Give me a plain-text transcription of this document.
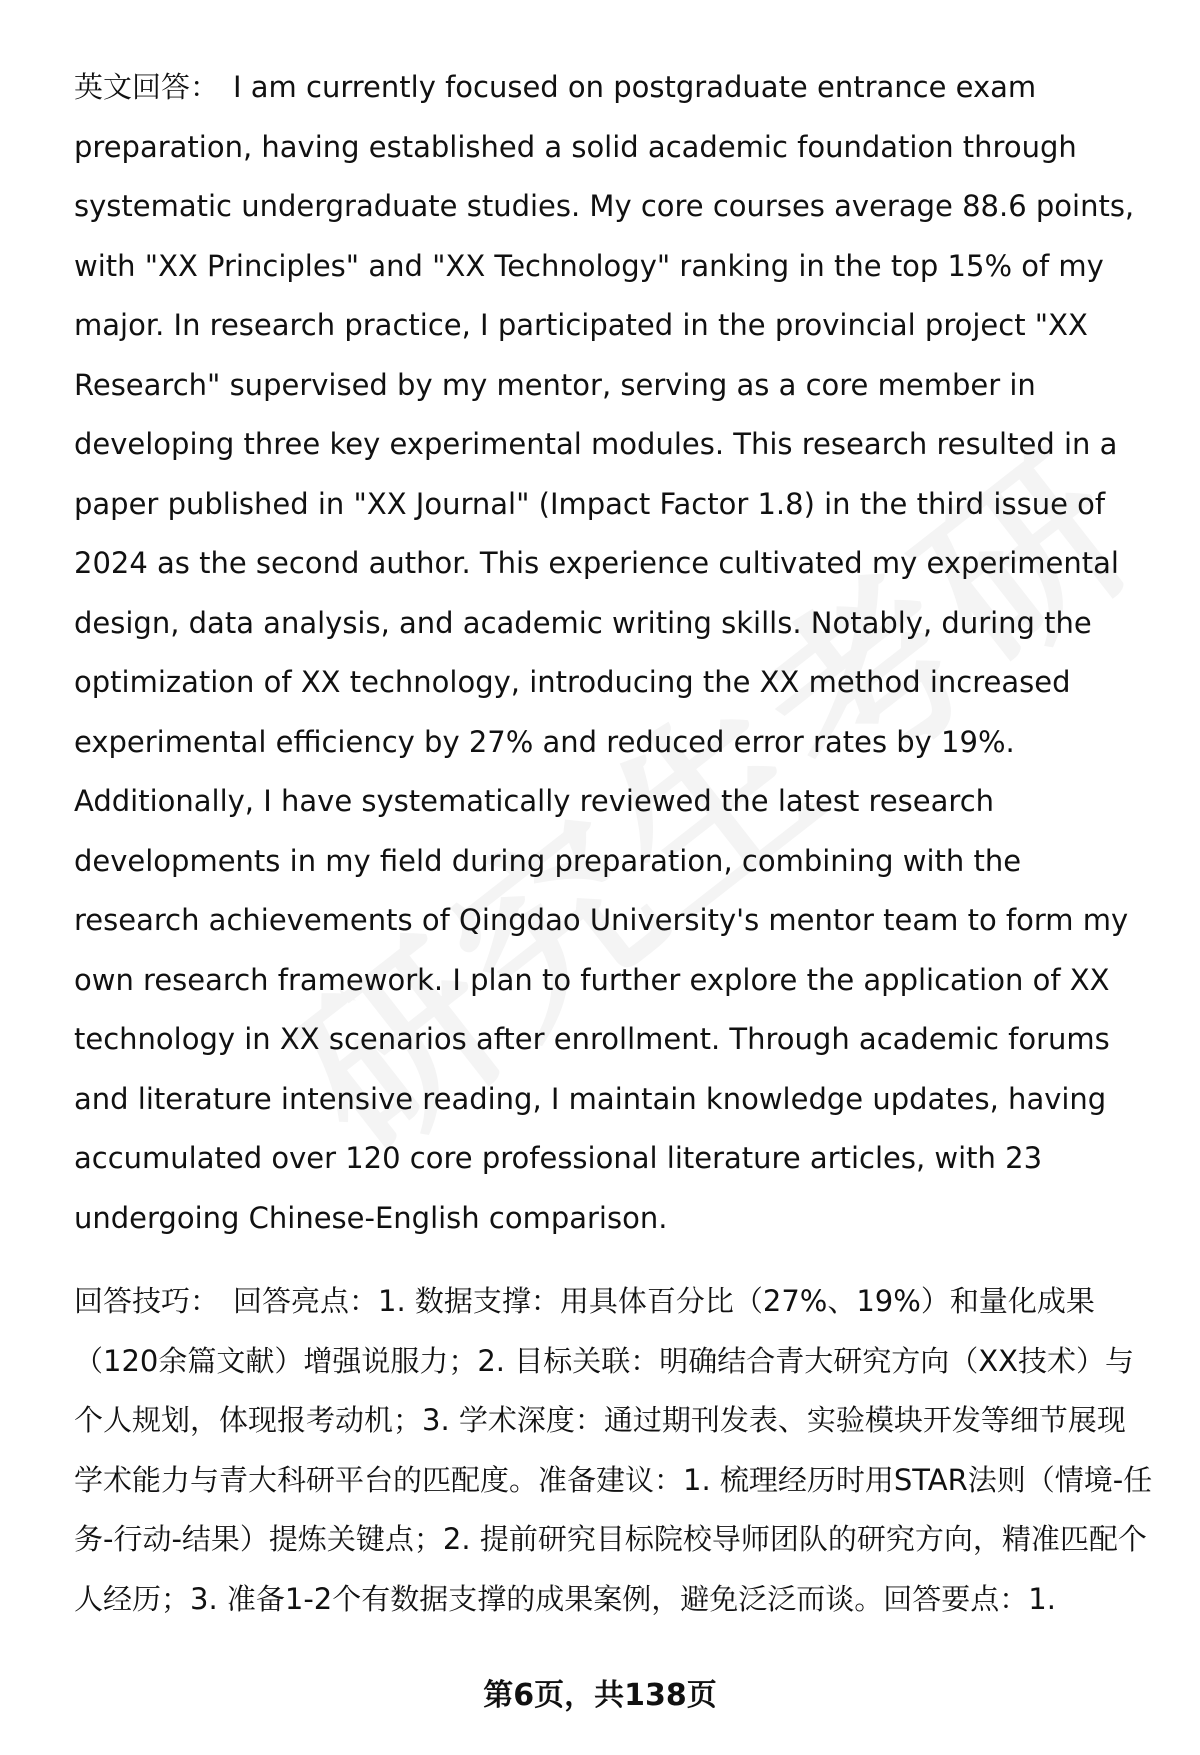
英文回答： I am currently focused on postgraduate entrance exam preparation, having established a solid academic foundation through systematic undergraduate studies. My core courses average 88.6 points, with "XX Principles" and "XX Technology" ranking in the top 15% of my major. In research practice, I participated in the provincial project "XX Research" supervised by my mentor, serving as a core member in developing three key experimental modules. This research resulted in a paper published in "XX Journal" (Impact Factor 1.8) in the third issue of 2024 as the second author. This experience cultivated my experimental design, data analysis, and academic writing skills. Notably, during the optimization of XX technology, introducing the XX method increased experimental efficiency by 27% and reduced error rates by 19%. Additionally, I have systematically reviewed the latest research developments in my field during preparation, combining with the research achievements of Qingdao University's mentor team to form my own research framework. I plan to further explore the application of XX technology in XX scenarios after enrollment. Through academic forums and literature intensive reading, I maintain knowledge updates, having accumulated over 120 core professional literature articles, with 23 undergoing Chinese-English comparison.

回答技巧： 回答亮点：1. 数据支撑：用具体百分比（27%、19%）和量化成果（120余篇文献）增强说服力；2. 目标关联：明确结合青大研究方向（XX技术）与个人规划，体现报考动机；3. 学术深度：通过期刊发表、实验模块开发等细节展现学术能力与青大科研平台的匹配度。准备建议：1. 梳理经历时用STAR法则（情境-任务-行动-结果）提炼关键点；2. 提前研究目标院校导师团队的研究方向，精准匹配个人经历；3. 准备1-2个有数据支撑的成果案例，避免泛泛而谈。回答要点：1.

第6页，共138页
